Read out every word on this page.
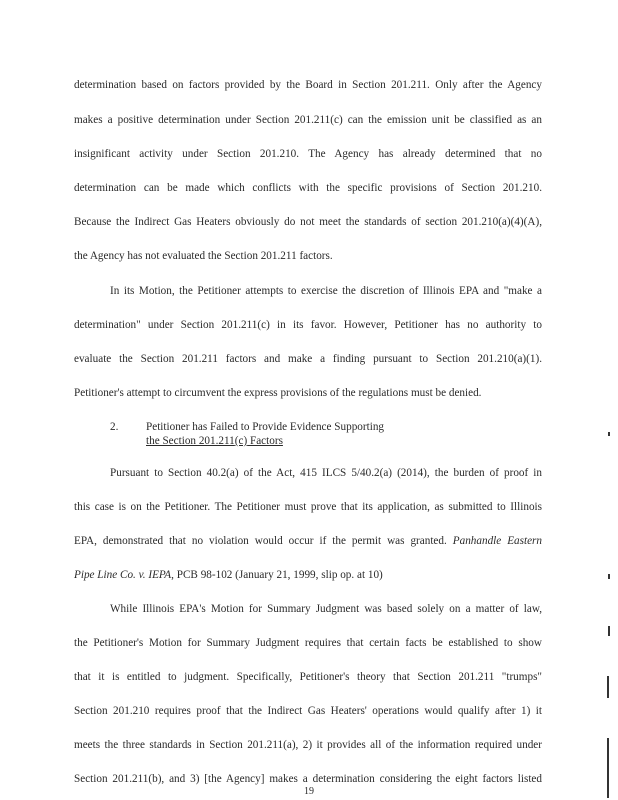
determination based on factors provided by the Board in Section 201.211. Only after the Agency
makes a positive determination under Section 201.211(c) can the emission unit be classified as an
insignificant activity under Section 201.210. The Agency has already determined that no
determination can be made which conflicts with the specific provisions of Section 201.210.
Because the Indirect Gas Heaters obviously do not meet the standards of section 201.210(a)(4)(A),
the Agency has not evaluated the Section 201.211 factors.
In its Motion, the Petitioner attempts to exercise the discretion of Illinois EPA and "make a
determination" under Section 201.211(c) in its favor. However, Petitioner has no authority to
evaluate the Section 201.211 factors and make a finding pursuant to Section 201.210(a)(1).
Petitioner's attempt to circumvent the express provisions of the regulations must be denied.
2. Petitioner has Failed to Provide Evidence Supporting
the Section 201.211(c) Factors
Pursuant to Section 40.2(a) of the Act, 415 ILCS 5/40.2(a) (2014), the burden of proof in
this case is on the Petitioner. The Petitioner must prove that its application, as submitted to Illinois
EPA, demonstrated that no violation would occur if the permit was granted. Panhandle Eastern
Pipe Line Co. v. IEPA, PCB 98-102 (January 21, 1999, slip op. at 10)
While Illinois EPA's Motion for Summary Judgment was based solely on a matter of law,
the Petitioner's Motion for Summary Judgment requires that certain facts be established to show
that it is entitled to judgment. Specifically, Petitioner's theory that Section 201.211 "trumps"
Section 201.210 requires proof that the Indirect Gas Heaters' operations would qualify after 1) it
meets the three standards in Section 201.211(a), 2) it provides all of the information required under
Section 201.211(b), and 3) [the Agency] makes a determination considering the eight factors listed
19
